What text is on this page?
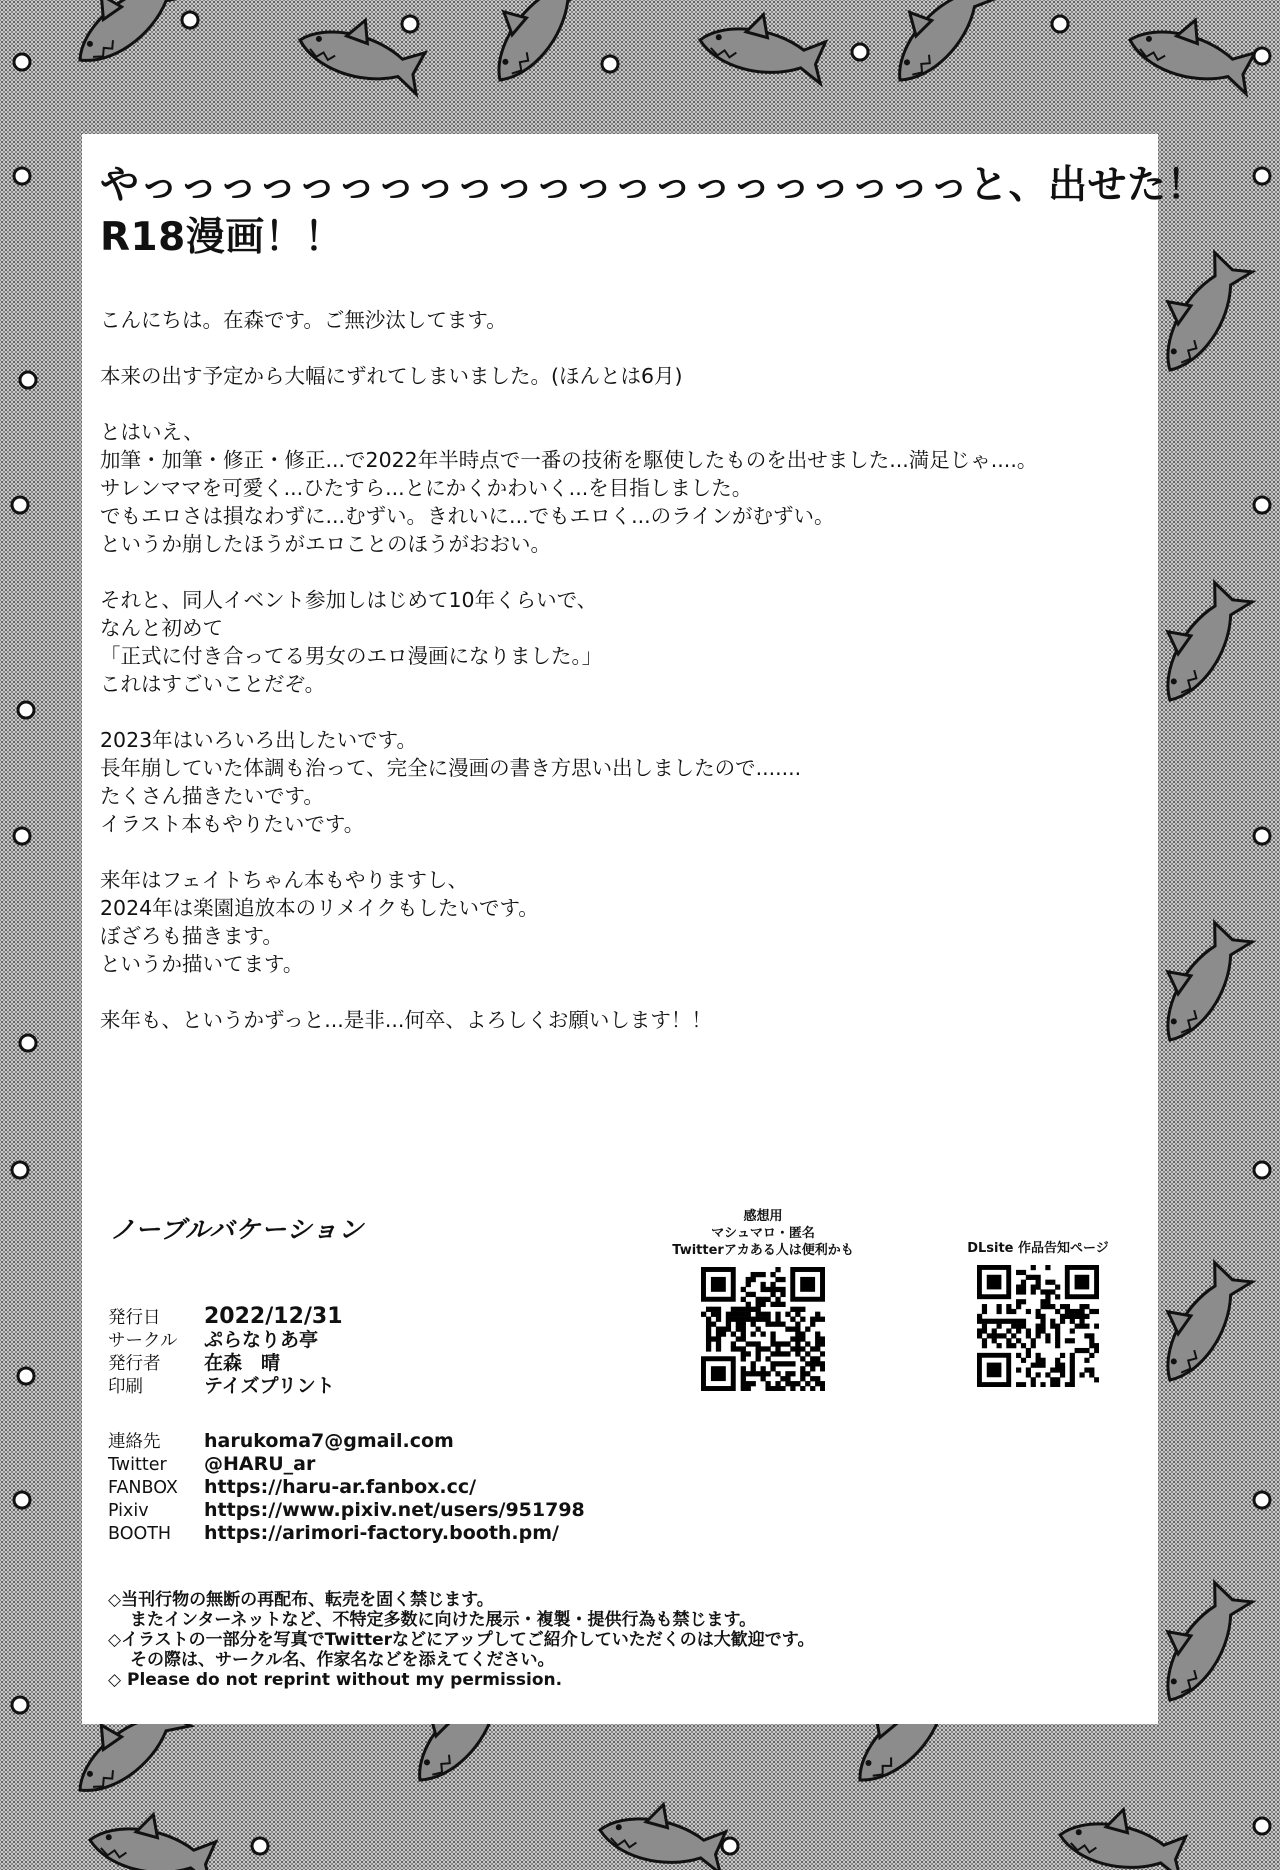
やっっっっっっっっっっっっっっっっっっっっっと、出せた！
R18漫画！！
こんにちは。在森です。ご無沙汰してます。
本来の出す予定から大幅にずれてしまいました。(ほんとは6月)
とはいえ、
加筆・加筆・修正・修正...で2022年半時点で一番の技術を駆使したものを出せました...満足じゃ....。
サレンママを可愛く...ひたすら...とにかくかわいく...を目指しました。
でもエロさは損なわずに...むずい。きれいに...でもエロく...のラインがむずい。
というか崩したほうがエロことのほうがおおい。
それと、同人イベント参加しはじめて10年くらいで、
なんと初めて
「正式に付き合ってる男女のエロ漫画になりました。」
これはすごいことだぞ。
2023年はいろいろ出したいです。
長年崩していた体調も治って、完全に漫画の書き方思い出しましたので.......
たくさん描きたいです。
イラスト本もやりたいです。
来年はフェイトちゃん本もやりますし、
2024年は楽園追放本のリメイクもしたいです。
ぼざろも描きます。
というか描いてます。
来年も、というかずっと...是非...何卒、よろしくお願いします！！
ノーブルバケーション
発行日	2022/12/31
サークル	ぷらなりあ亭
発行者	在森　晴
印刷	テイズプリント
連絡先	harukoma7@gmail.com
Twitter	@HARU_ar
FANBOX	https://haru-ar.fanbox.cc/
Pixiv	https://www.pixiv.net/users/951798
BOOTH	https://arimori-factory.booth.pm/
感想用
マシュマロ・匿名
Twitterアカある人は便利かも	DLsite 作品告知ページ
◇当刊行物の無断の再配布、転売を固く禁じます。
またインターネットなど、不特定多数に向けた展示・複製・提供行為も禁じます。
◇イラストの一部分を写真でTwitterなどにアップしてご紹介していただくのは大歓迎です。
その際は、サークル名、作家名などを添えてください。
◇ Please do not reprint without my permission.
